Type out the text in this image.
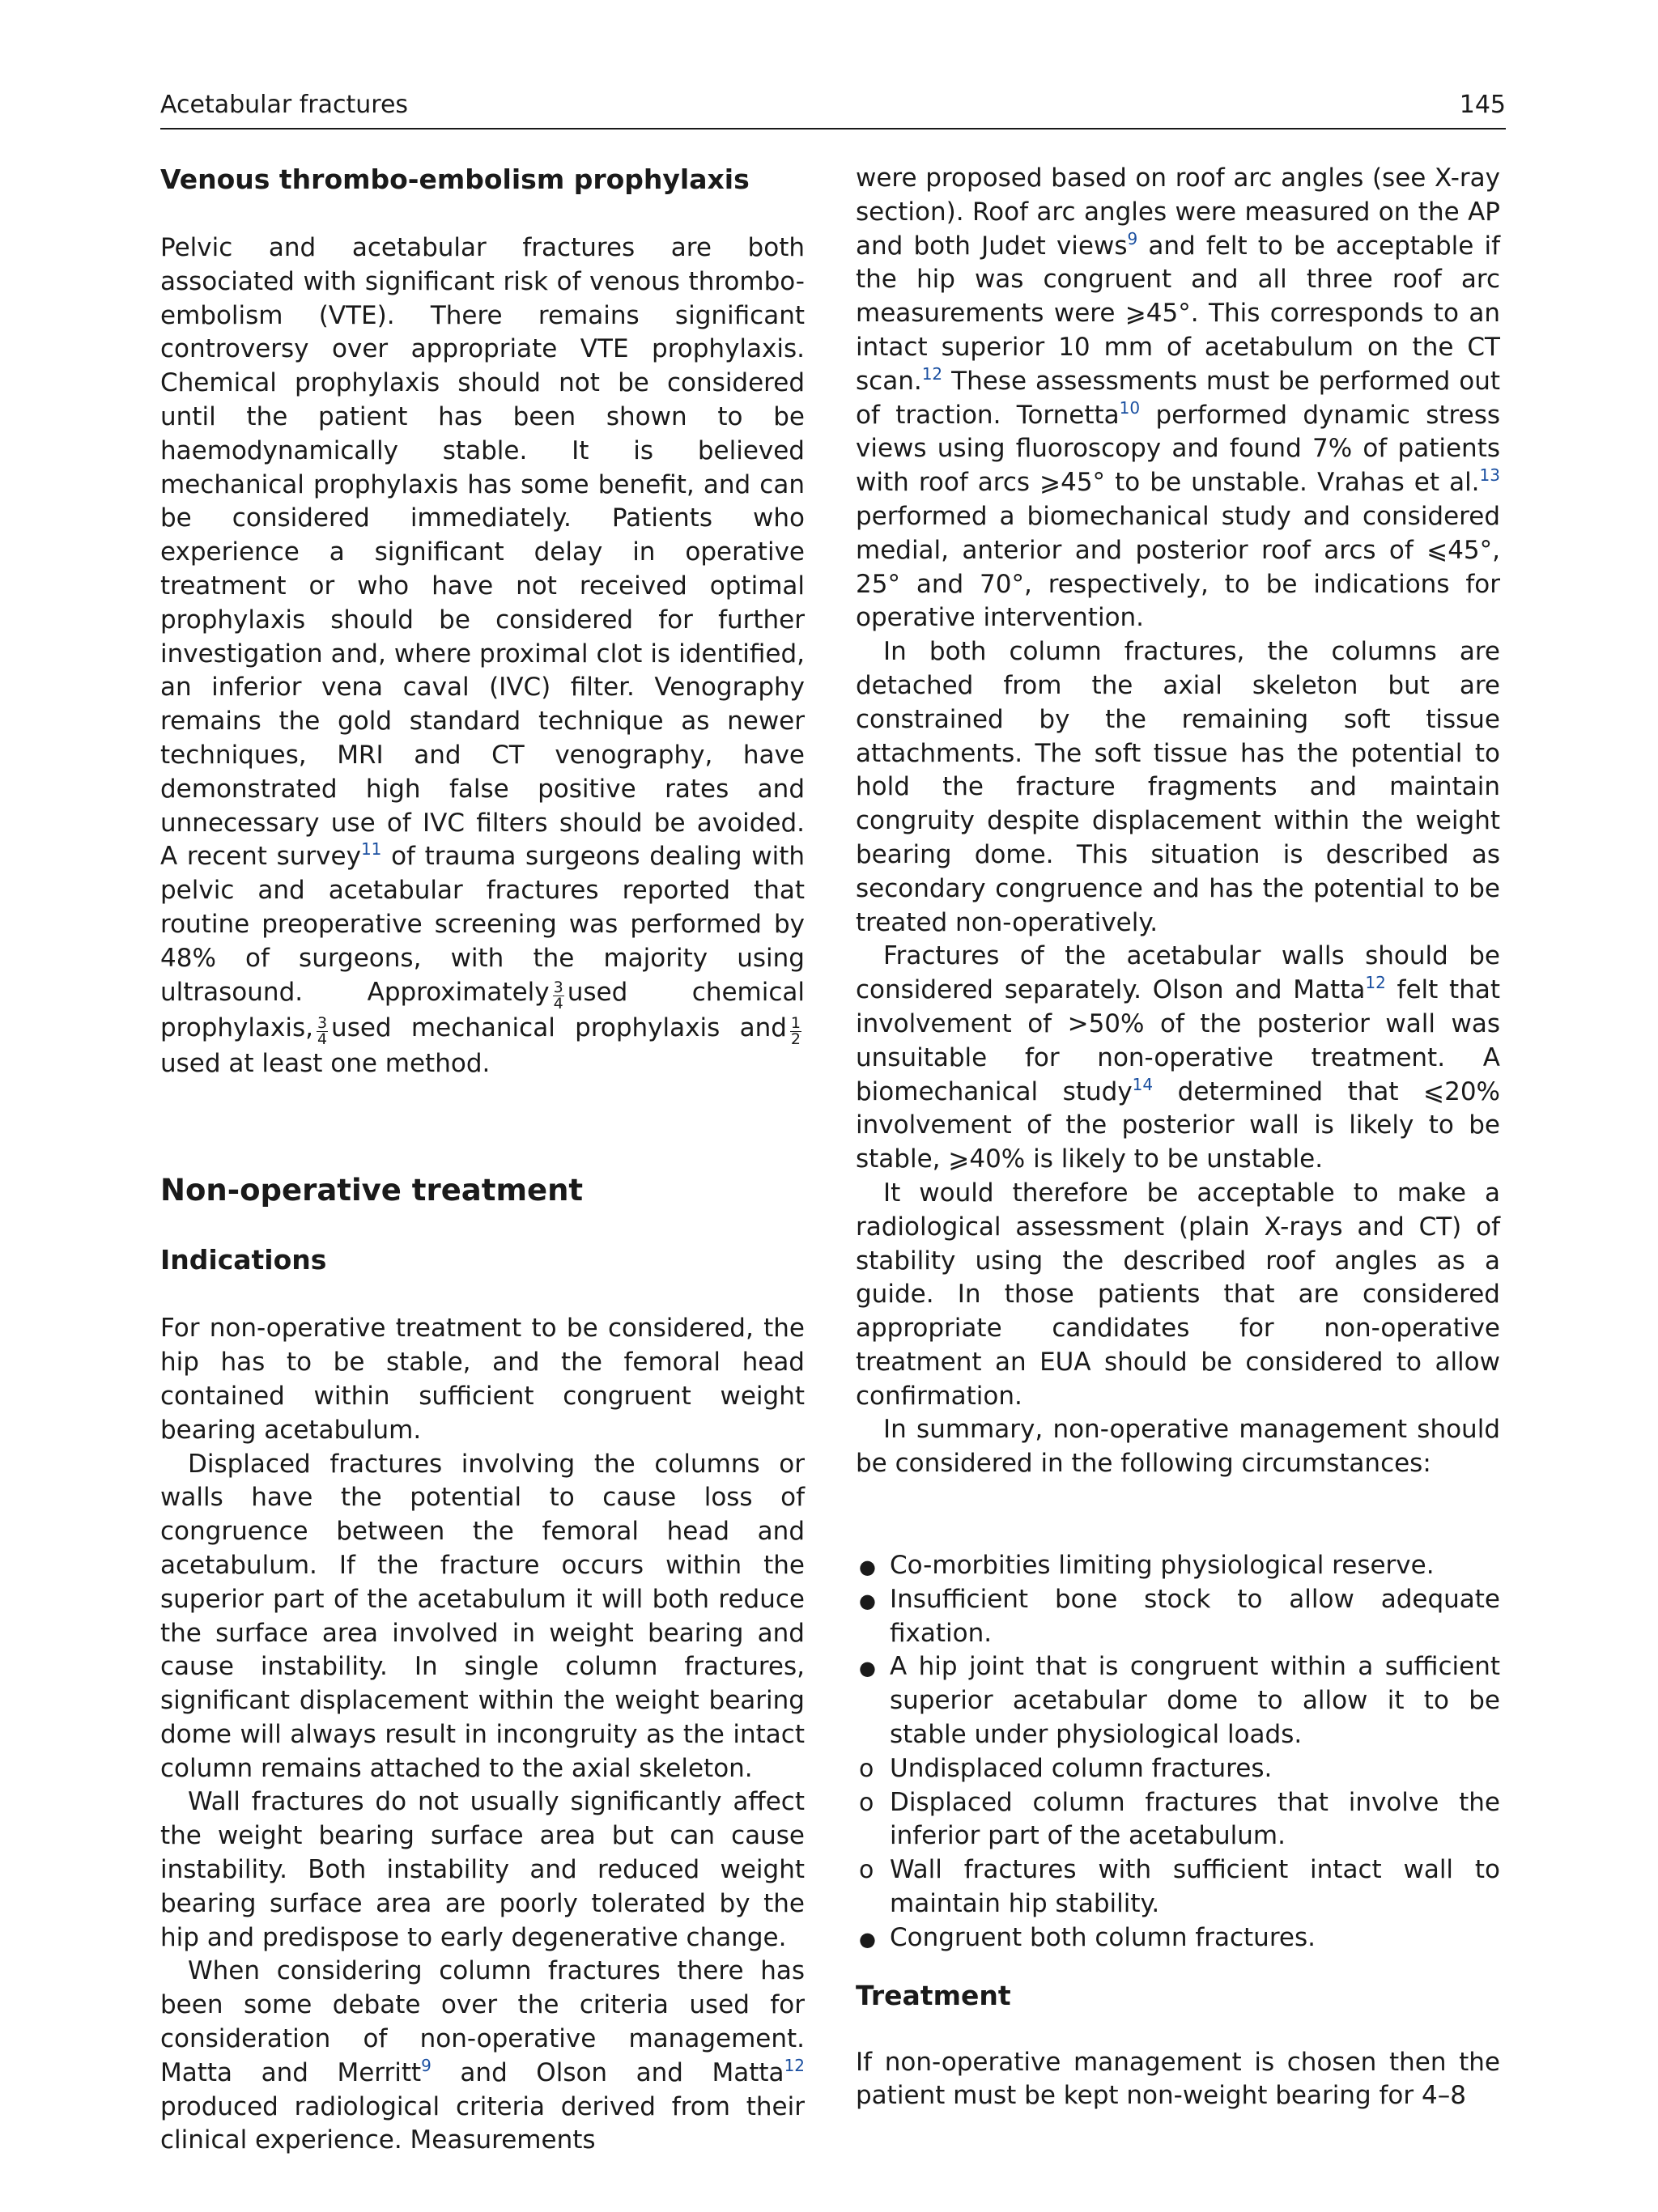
Acetabular fractures	145
Venous thrombo-embolism prophylaxis

Pelvic and acetabular fractures are both associated with significant risk of venous thrombo-embolism (VTE). There remains significant controversy over appropriate VTE prophylaxis. Chemical prophylaxis should not be considered until the patient has been shown to be haemodynamically stable. It is believed mechanical prophylaxis has some benefit, and can be considered immediately. Patients who experience a significant delay in operative treatment or who have not received optimal prophylaxis should be considered for further investigation and, where proximal clot is identified, an inferior vena caval (IVC) filter. Venography remains the gold standard technique as newer techniques, MRI and CT venography, have demonstrated high false positive rates and unnecessary use of IVC filters should be avoided. A recent survey$^{11}$ of trauma surgeons dealing with pelvic and acetabular fractures reported that routine preoperative screening was performed by 48% of surgeons, with the majority using ultrasound. Approximately $\frac{3}{4}$ used chemical prophylaxis, $\frac{3}{4}$ used mechanical prophylaxis and $\frac{1}{2}$
used at least one method.

Non-operative treatment
Indications

For non-operative treatment to be considered, the hip has to be stable, and the femoral head contained within sufficient congruent weight bearing acetabulum.

Displaced fractures involving the columns or walls have the potential to cause loss of congruence between the femoral head and acetabulum. If the fracture occurs within the superior part of the acetabulum it will both reduce the surface area involved in weight bearing and cause instability. In single column fractures, significant displacement within the weight bearing dome will always result in incongruity as the intact column remains attached to the axial skeleton.

Wall fractures do not usually significantly affect the weight bearing surface area but can cause instability. Both instability and reduced weight bearing surface area are poorly tolerated by the hip and predispose to early degenerative change.

When considering column fractures there has been some debate over the criteria used for consideration of non-operative management. Matta and Merritt$^9$ and Olson and Matta$^{12}$ produced radiological criteria derived from their clinical experience. Measurements

were proposed based on roof arc angles (see X-ray section). Roof arc angles were measured on the AP and both Judet views$^9$ and felt to be acceptable if the hip was congruent and all three roof arc measurements were ⩾45°. This corresponds to an intact superior 10 mm of acetabulum on the CT scan.$^{12}$ These assessments must be performed out of traction. Tornetta$^{10}$ performed dynamic stress views using fluoroscopy and found 7% of patients with roof arcs ⩾45° to be unstable. Vrahas et al.$^{13}$ performed a biomechanical study and considered medial, anterior and posterior roof arcs of ⩽45°, 25° and 70°, respectively, to be indications for operative intervention.

In both column fractures, the columns are detached from the axial skeleton but are constrained by the remaining soft tissue attachments. The soft tissue has the potential to hold the fracture fragments and maintain congruity despite displacement within the weight bearing dome. This situation is described as secondary congruence and has the potential to be treated non-operatively.

Fractures of the acetabular walls should be considered separately. Olson and Matta$^{12}$ felt that involvement of >50% of the posterior wall was unsuitable for non-operative treatment. A biomechanical study$^{14}$ determined that ⩽20% involvement of the posterior wall is likely to be stable, ⩾40% is likely to be unstable.

It would therefore be acceptable to make a radiological assessment (plain X-rays and CT) of stability using the described roof angles as a guide. In those patients that are considered appropriate candidates for non-operative treatment an EUA should be considered to allow confirmation.

In summary, non-operative management should be considered in the following circumstances:

●
Co-morbities limiting physiological reserve.
●
Insufficient bone stock to allow adequate fixation.
●
A hip joint that is congruent within a sufficient superior acetabular dome to allow it to be stable under physiological loads.
o
Undisplaced column fractures.
o
Displaced column fractures that involve the inferior part of the acetabulum.
o
Wall fractures with sufficient intact wall to maintain hip stability.
●
Congruent both column fractures.
Treatment

If non-operative management is chosen then the patient must be kept non-weight bearing for 4–8
